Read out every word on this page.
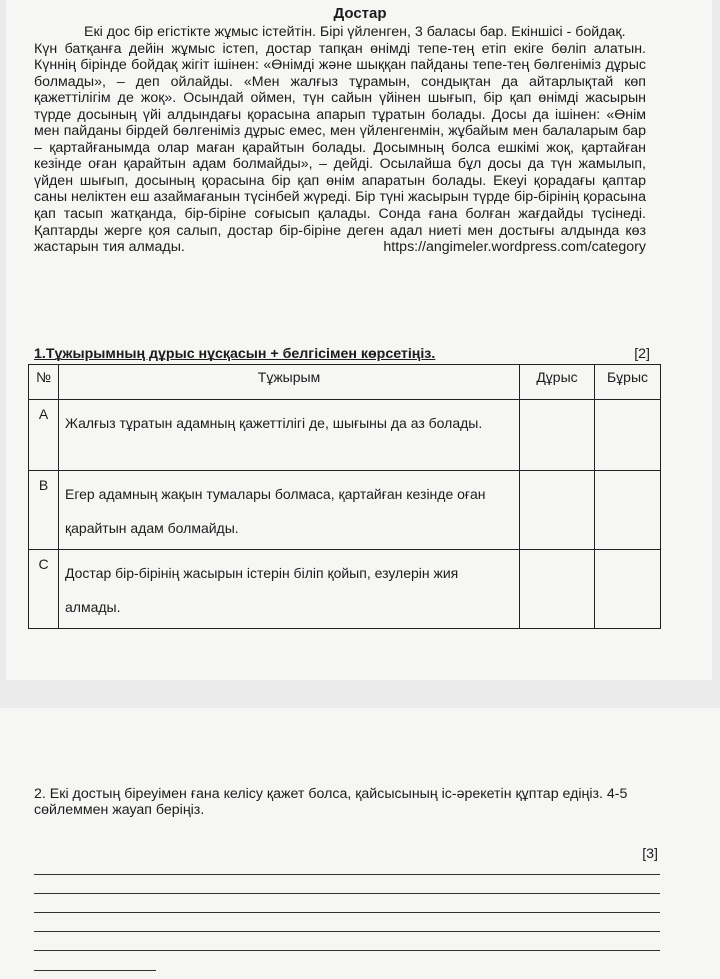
Достар

Екі дос бір егістікте жұмыс істейтін. Бірі үйленген, 3 баласы бар. Екіншісі - бойдақ.
Күн батқанға дейін жұмыс істеп, достар тапқан өнімді тепе-тең етіп екіге бөліп алатын. Күннің бірінде бойдақ жігіт ішінен: «Өнімді және шыққан пайданы тепе-тең бөлгеніміз дұрыс болмады», – деп ойлайды. «Мен жалғыз тұрамын, сондықтан да айтарлықтай көп қажеттілігім де жоқ». Осындай оймен, түн сайын үйінен шығып, бір қап өнімді жасырын түрде досының үйі алдындағы қорасына апарып тұратын болады. Досы да ішінен: «Өнім мен пайданы бірдей бөлгеніміз дұрыс емес, мен үйленгенмін, жұбайым мен балаларым бар – қартайғанымда олар маған қарайтын болады. Досымның болса ешкімі жоқ, қартайған кезінде оған қарайтын адам болмайды», – дейді. Осылайша бұл досы да түн жамылып, үйден шығып, досының қорасына бір қап өнім апаратын болады. Екеуі қорадағы қаптар саны неліктен еш азаймағанын түсінбей жүреді. Бір түні жасырын түрде бір-бірінің қорасына қап тасып жатқанда, бір-біріне соғысып қалады. Сонда ғана болған жағдайды түсінеді. Қаптарды жерге қоя салып, достар бір-біріне деген адал ниеті мен достығы алдында көз жастарын тия алмады.	https://angimeler.wordpress.com/category

1.Тұжырымның дұрыс нұсқасын + белгісімен көрсетіңіз.	[2]
№	Тұжырым	Дұрыс	Бұрыс
A	Жалғыз тұратын адамның қажеттілігі де, шығыны да аз болады.		
B	Егер адамның жақын тумалары болмаса, қартайған кезінде оған қарайтын адам болмайды.		
C	Достар бір-бірінің жасырын істерін біліп қойып, езулерін жия алмады.		
2. Екі достың біреуімен ғана келісу қажет болса, қайсысының іс-әрекетін құптар едіңіз. 4-5 сөйлеммен жауап беріңіз.
[3]
